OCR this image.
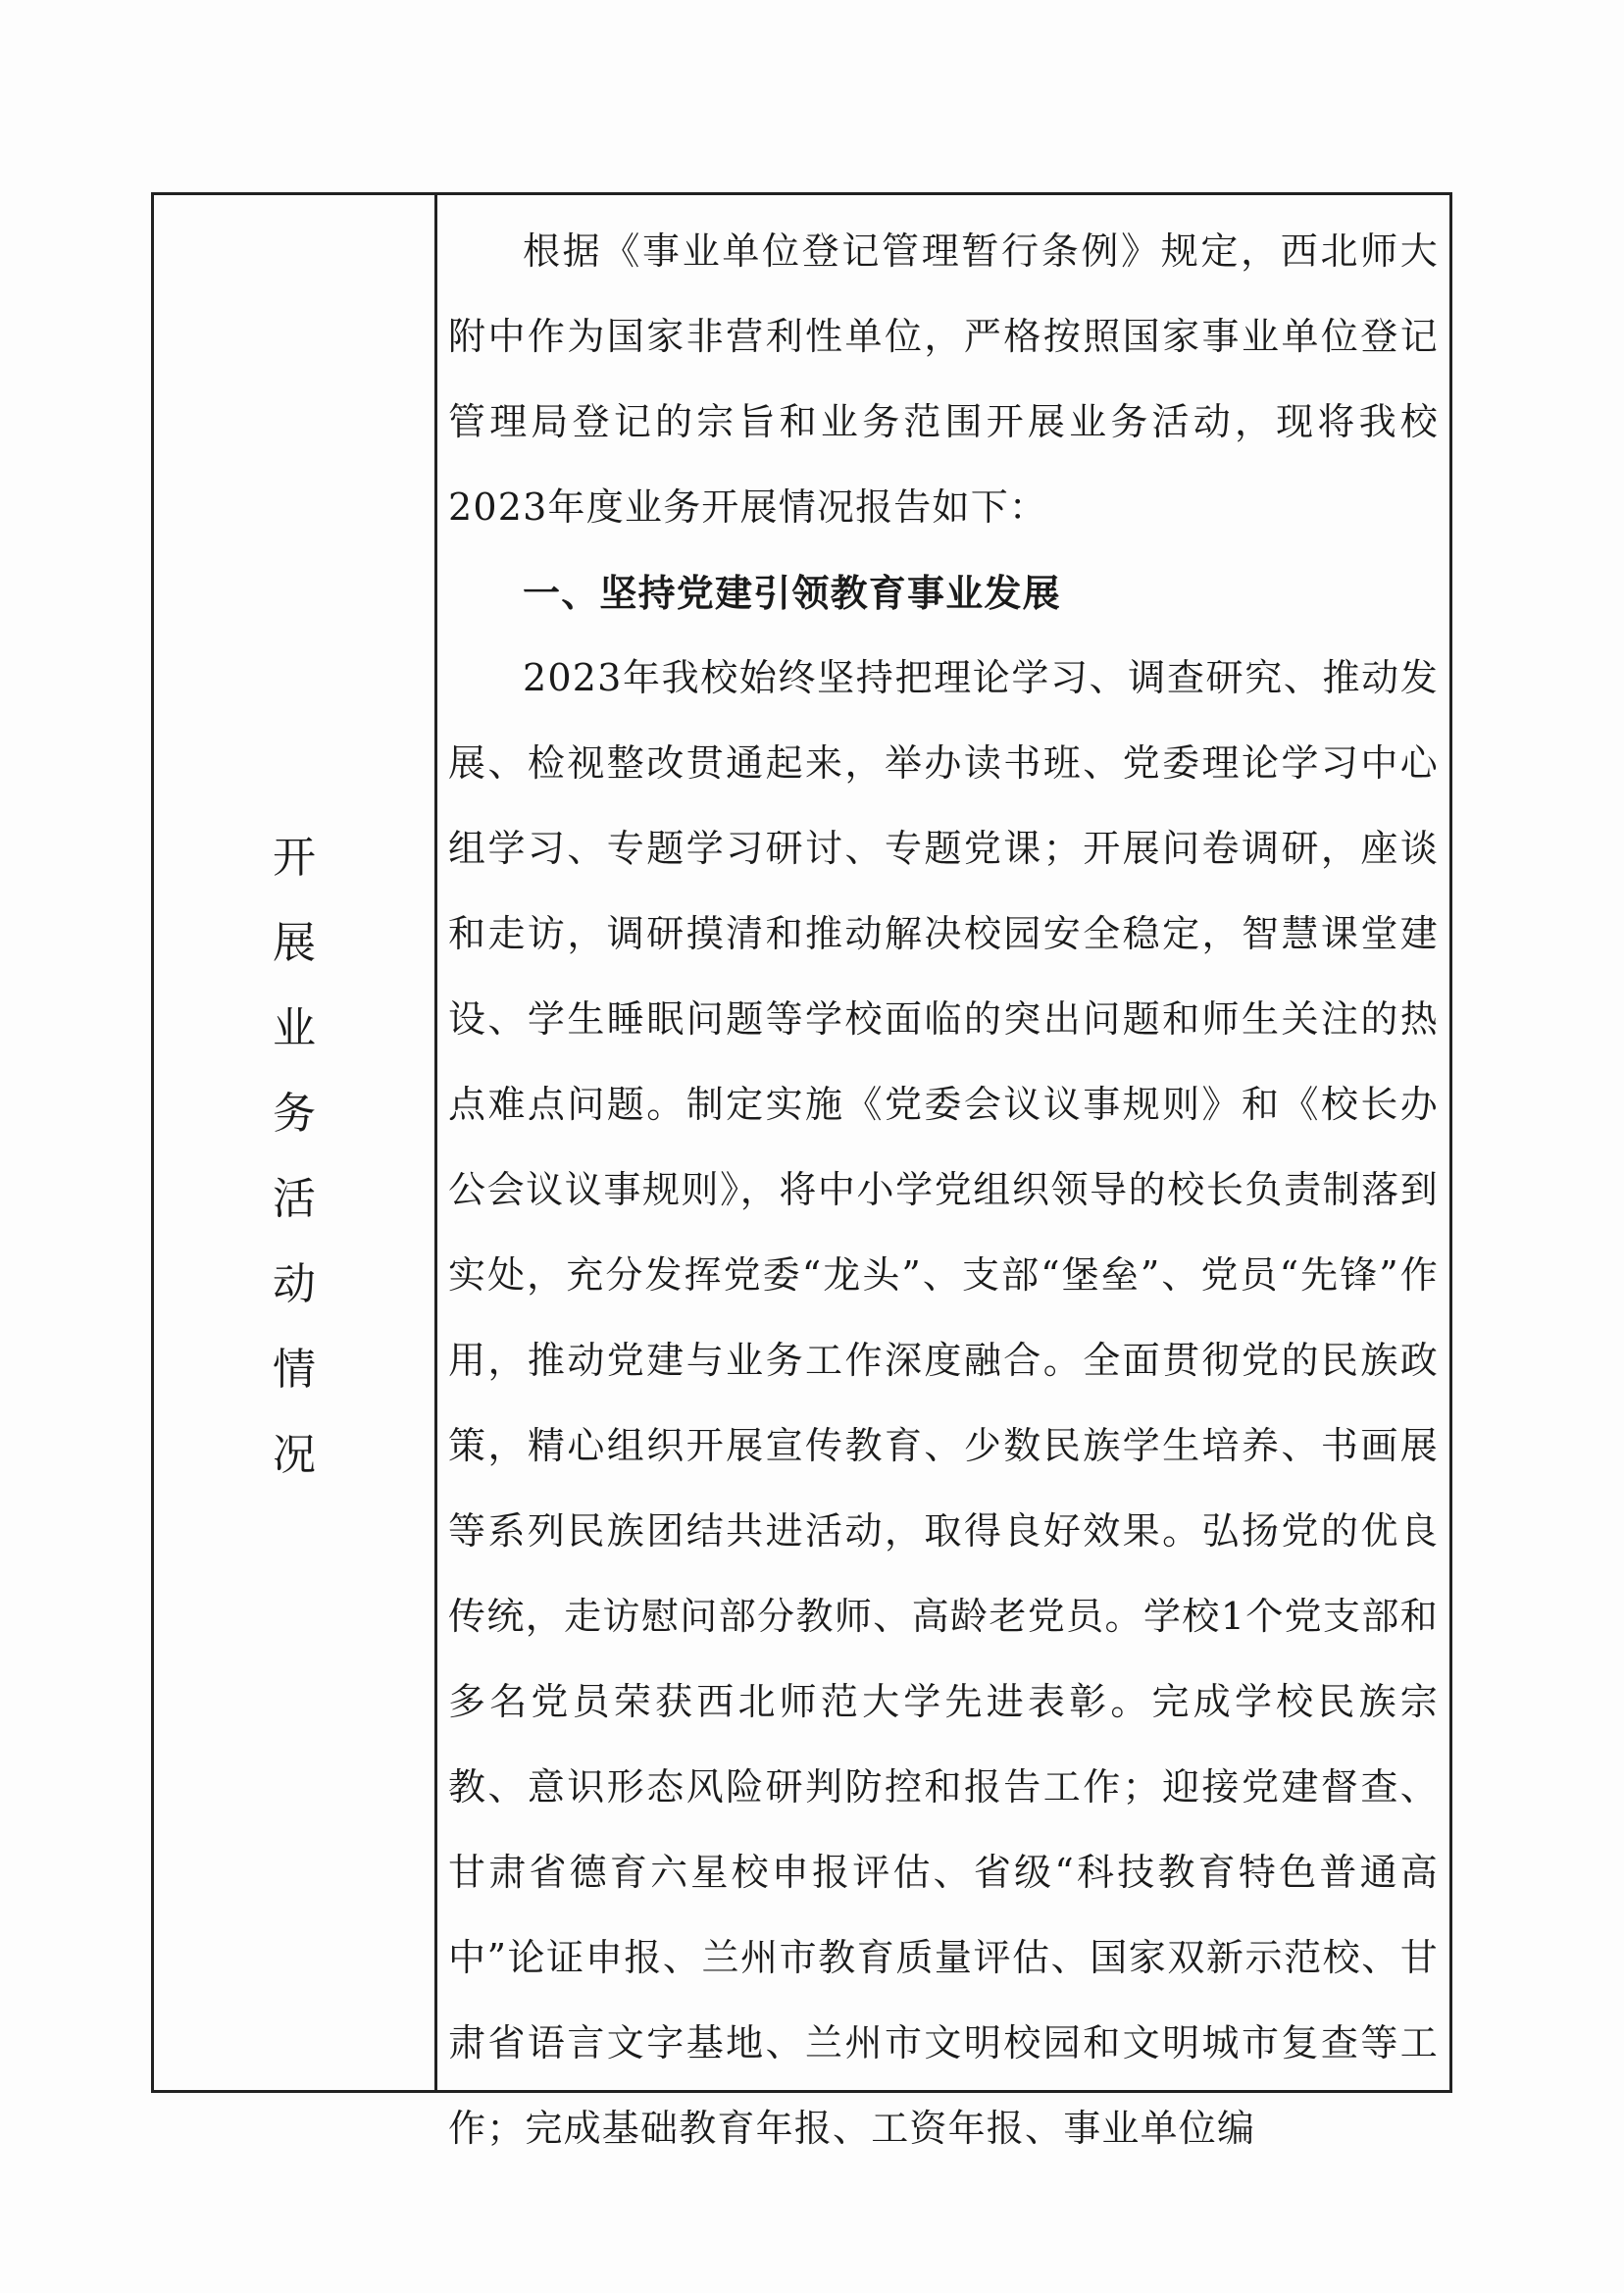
开
展
业
务
活
动
情
况

根据《事业单位登记管理暂行条例》规定，西北师大附中作为国家非营利性单位，严格按照国家事业单位登记管理局登记的宗旨和业务范围开展业务活动，现将我校2023年度业务开展情况报告如下：

一、坚持党建引领教育事业发展

2023年我校始终坚持把理论学习、调查研究、推动发展、检视整改贯通起来，举办读书班、党委理论学习中心组学习、专题学习研讨、专题党课；开展问卷调研，座谈和走访，调研摸清和推动解决校园安全稳定，智慧课堂建设、学生睡眠问题等学校面临的突出问题和师生关注的热点难点问题。制定实施《党委会议议事规则》和《校长办公会议议事规则》，将中小学党组织领导的校长负责制落到实处，充分发挥党委“龙头”、支部“堡垒”、党员“先锋”作用，推动党建与业务工作深度融合。全面贯彻党的民族政策，精心组织开展宣传教育、少数民族学生培养、书画展等系列民族团结共进活动，取得良好效果。弘扬党的优良传统，走访慰问部分教师、高龄老党员。学校1个党支部和多名党员荣获西北师范大学先进表彰。完成学校民族宗教、意识形态风险研判防控和报告工作；迎接党建督查、甘肃省德育六星校申报评估、省级“科技教育特色普通高中”论证申报、兰州市教育质量评估、国家双新示范校、甘肃省语言文字基地、兰州市文明校园和文明城市复查等工作；完成基础教育年报、工资年报、事业单位编
